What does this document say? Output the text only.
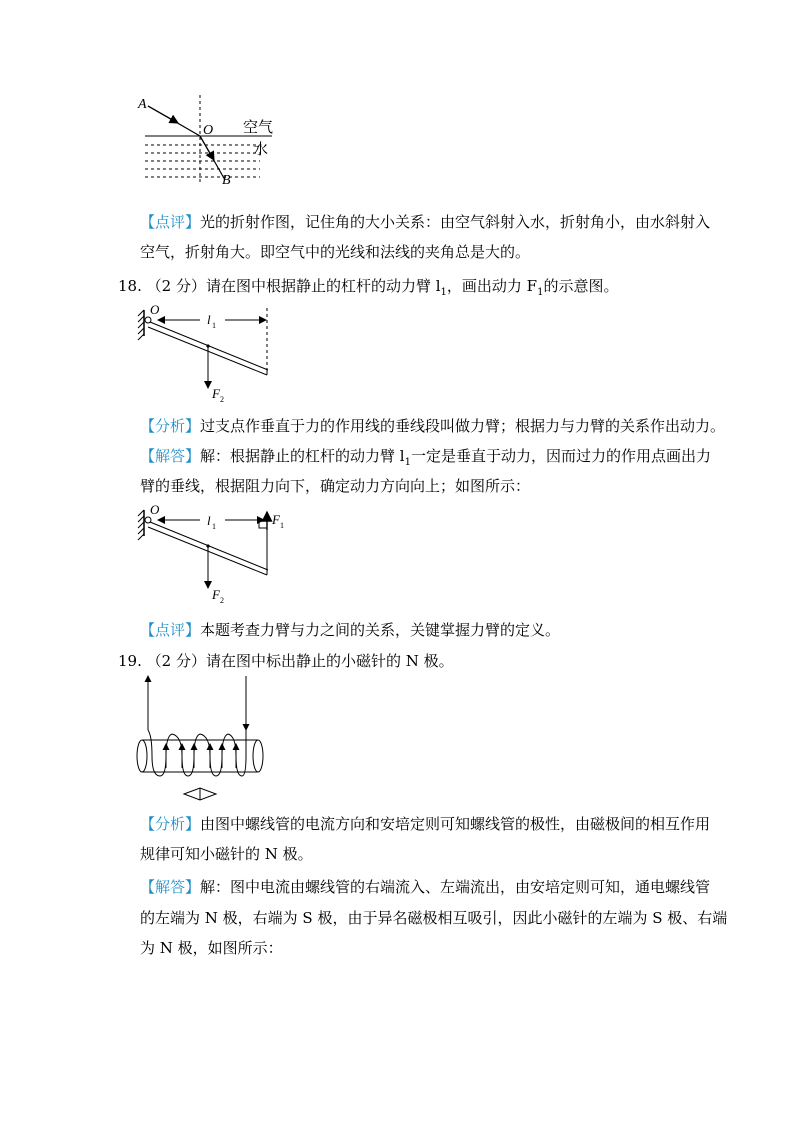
A
O
B
空气
水
【点评】光的折射作图，记住角的大小关系：由空气斜射入水，折射角小，由水斜射入
空气，折射角大。即空气中的光线和法线的夹角总是大的。
18. （2 分）请在图中根据静止的杠杆的动力臂 $l_1$，画出动力 $F_1$的示意图。
O
l 1
F 2
【分析】过支点作垂直于力的作用线的垂线段叫做力臂；根据力与力臂的关系作出动力。
【解答】解：根据静止的杠杆的动力臂 $l_1$一定是垂直于动力，因而过力的作用点画出力
臂的垂线，根据阻力向下，确定动力方向向上；如图所示：
O
l 1	F 1
F 2
【点评】本题考查力臂与力之间的关系，关键掌握力臂的定义。
19. （2 分）请在图中标出静止的小磁针的 N 极。
【分析】由图中螺线管的电流方向和安培定则可知螺线管的极性，由磁极间的相互作用
规律可知小磁针的 N 极。
【解答】解：图中电流由螺线管的右端流入、左端流出，由安培定则可知，通电螺线管
的左端为 N 极，右端为 S 极，由于异名磁极相互吸引，因此小磁针的左端为 S 极、右端
为 N 极，如图所示：
